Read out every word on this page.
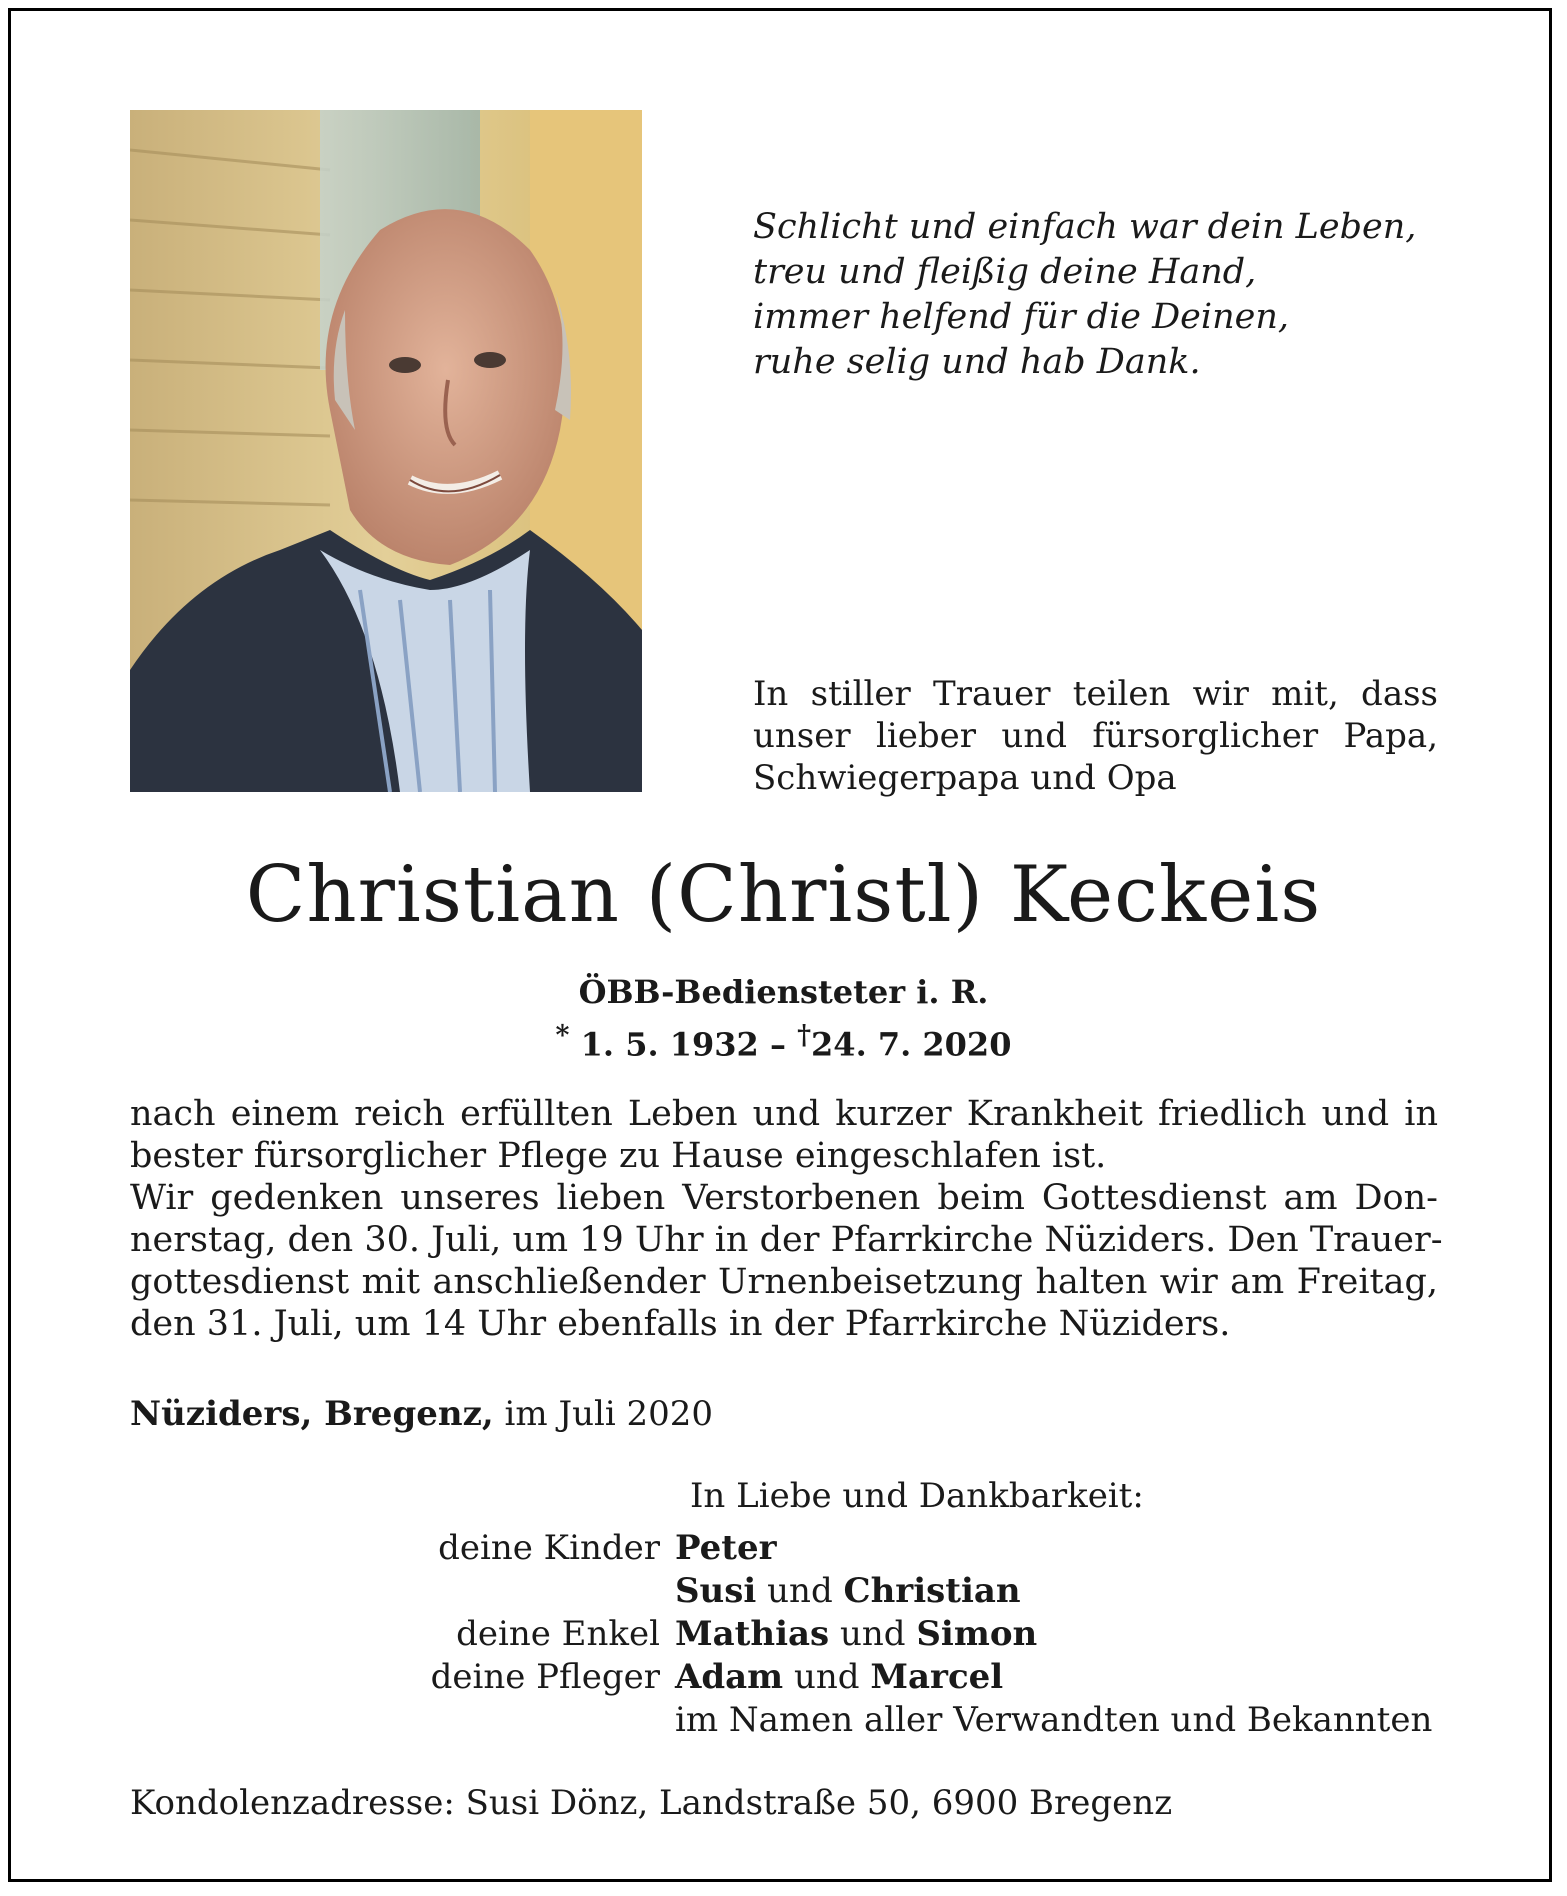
Schlicht und einfach war dein Leben,
treu und fleißig deine Hand,
immer helfend für die Deinen,
ruhe selig und hab Dank.
In stiller Trauer teilen wir mit, dass
unser lieber und fürsorglicher Papa,
Schwiegerpapa und Opa
Christian (Christl) Keckeis
ÖBB-Bediensteter i. R.
* 1. 5. 1932 – †24. 7. 2020
nach einem reich erfüllten Leben und kurzer Krankheit friedlich und in
bester fürsorglicher Pflege zu Hause eingeschlafen ist.
Wir gedenken unseres lieben Verstorbenen beim Gottesdienst am Don-
nerstag, den 30. Juli, um 19 Uhr in der Pfarrkirche Nüziders. Den Trauer-
gottesdienst mit anschließender Urnenbeisetzung halten wir am Freitag,
den 31. Juli, um 14 Uhr ebenfalls in der Pfarrkirche Nüziders.
Nüziders, Bregenz, im Juli 2020
In Liebe und Dankbarkeit:
deine Kinder Peter
Susi und Christian
deine Enkel Mathias und Simon
deine Pfleger Adam und Marcel
im Namen aller Verwandten und Bekannten
Kondolenzadresse: Susi Dönz, Landstraße 50, 6900 Bregenz
